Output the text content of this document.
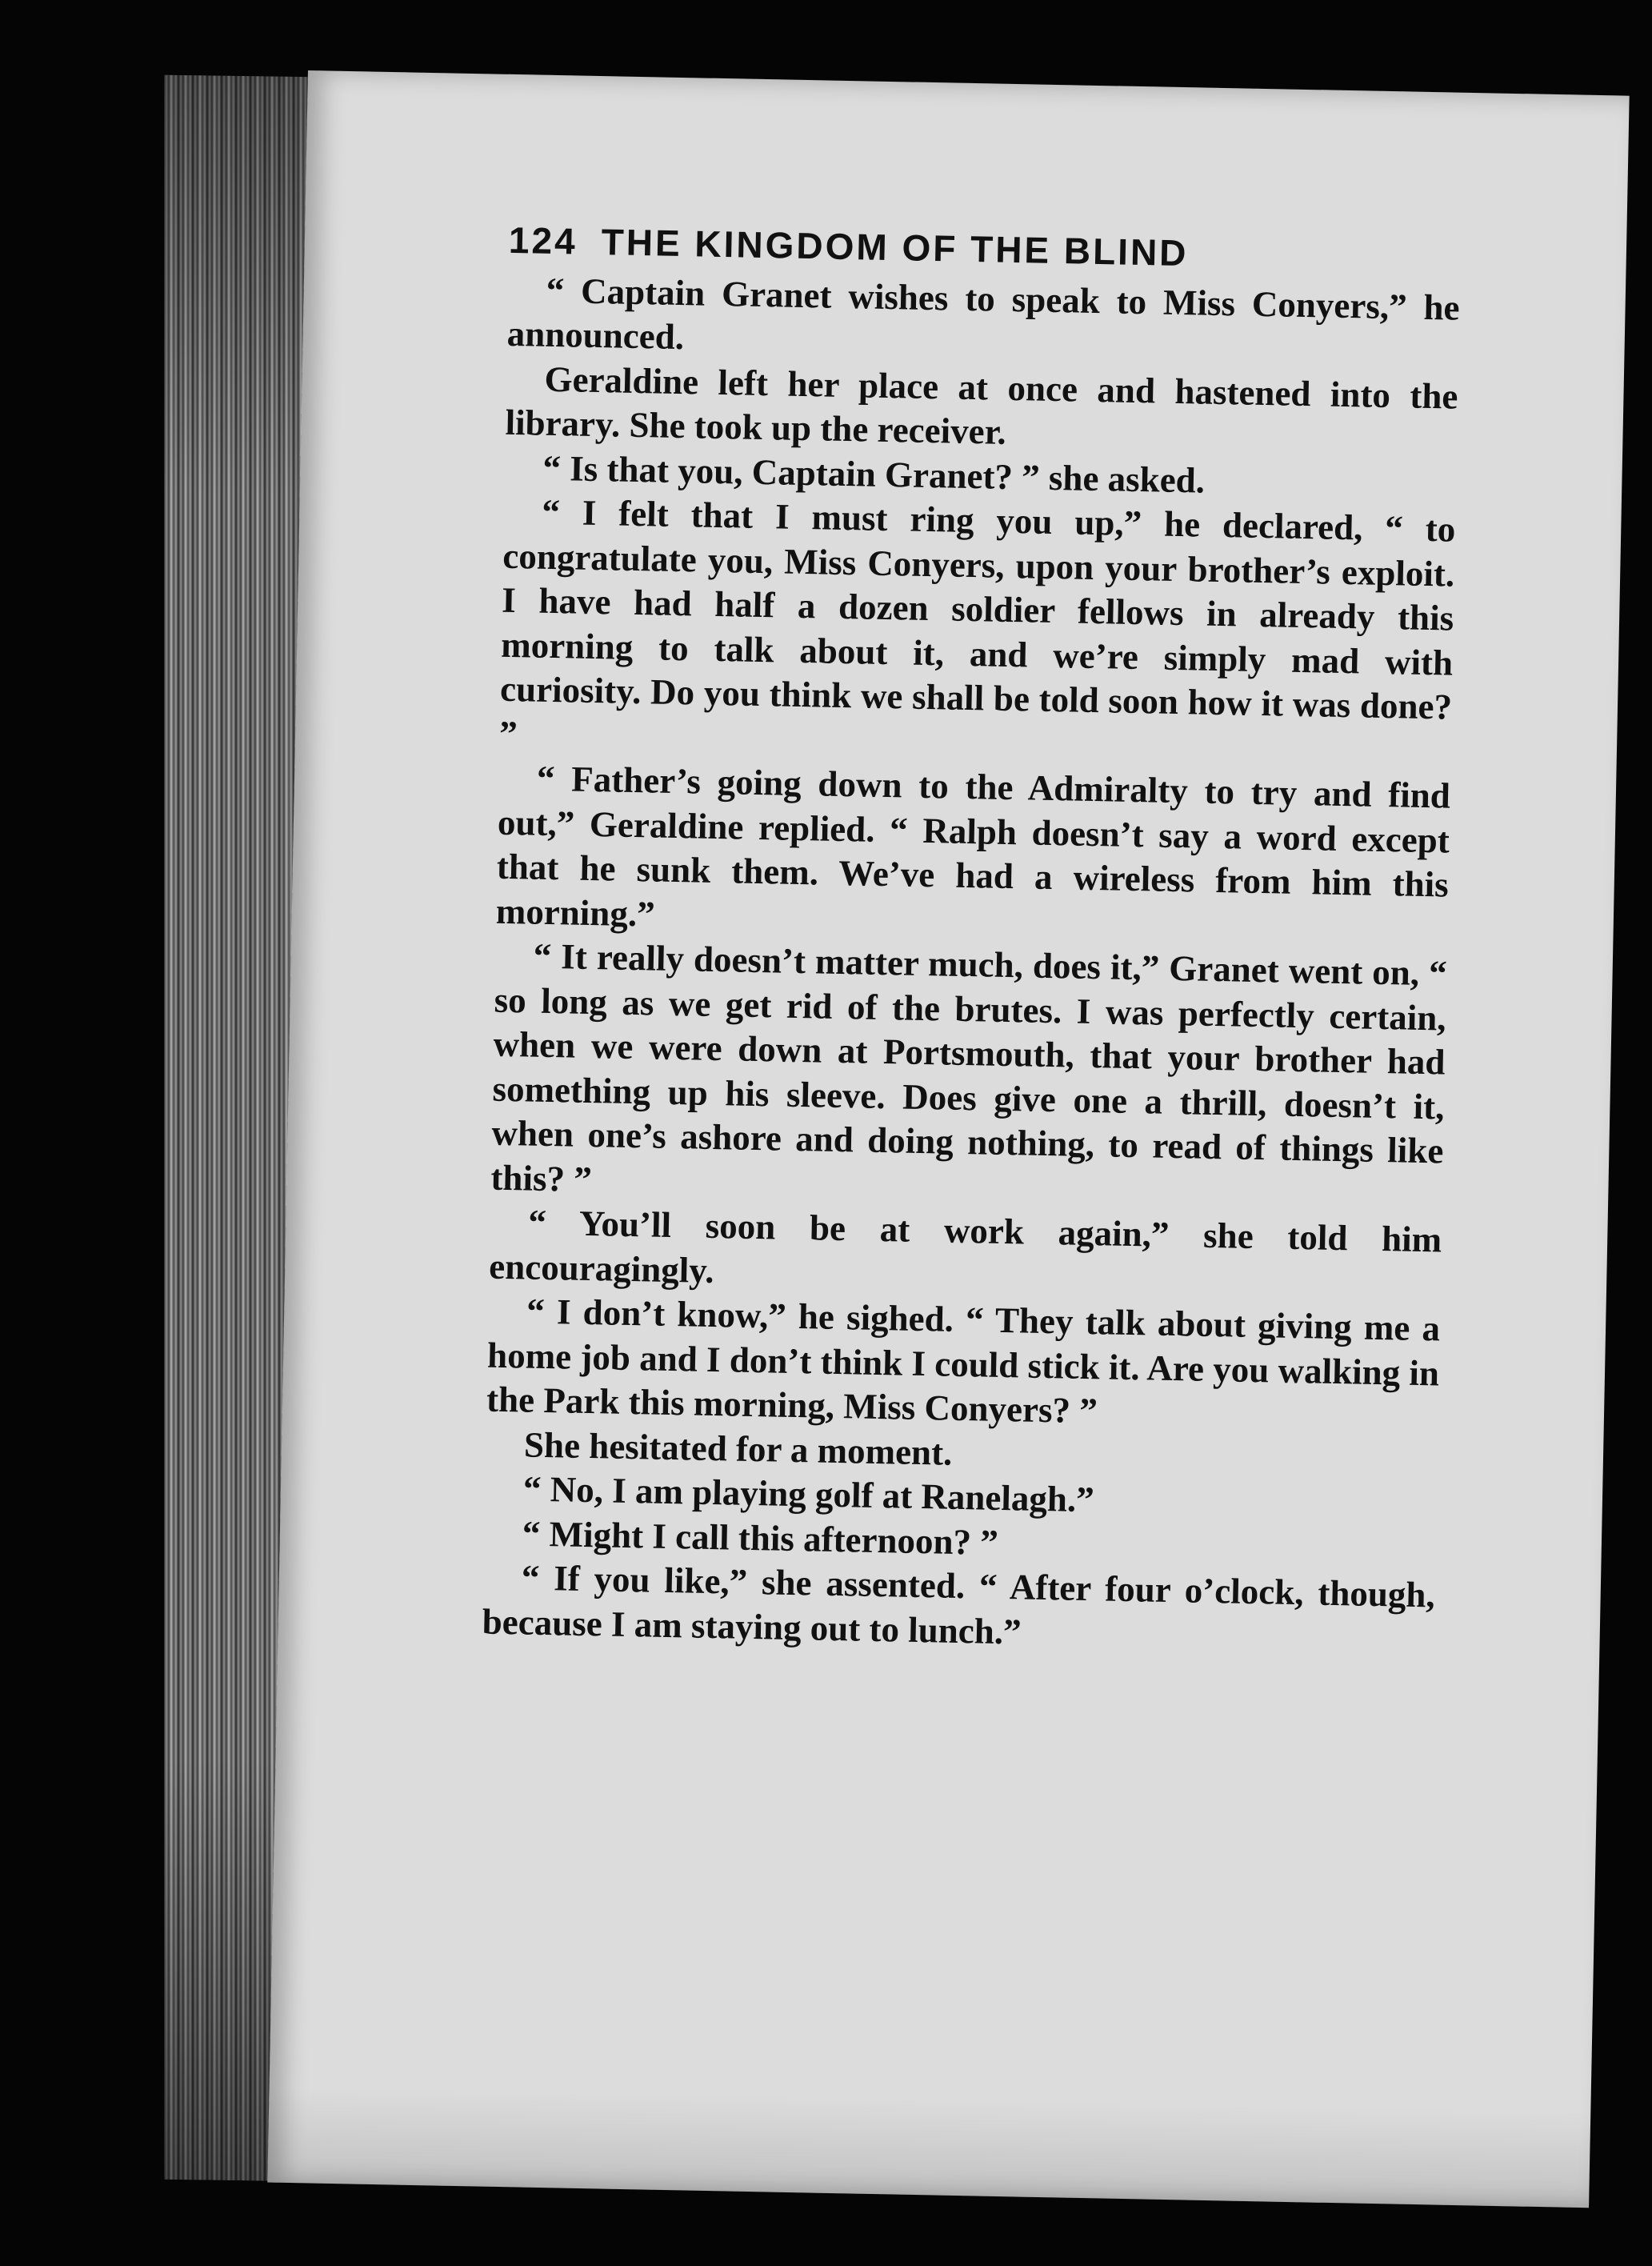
124 THE KINGDOM OF THE BLIND

“ Captain Granet wishes to speak to Miss Conyers,” he announced.

Geraldine left her place at once and hastened into the library. She took up the receiver.

“ Is that you, Captain Granet? ” she asked.

“ I felt that I must ring you up,” he declared, “ to congratulate you, Miss Conyers, upon your brother’s exploit. I have had half a dozen soldier fellows in already this morning to talk about it, and we’re simply mad with curiosity. Do you think we shall be told soon how it was done? ”

“ Father’s going down to the Admiralty to try and find out,” Geraldine replied. “ Ralph doesn’t say a word except that he sunk them. We’ve had a wireless from him this morning.”

“ It really doesn’t matter much, does it,” Granet went on, “ so long as we get rid of the brutes. I was perfectly certain, when we were down at Portsmouth, that your brother had something up his sleeve. Does give one a thrill, doesn’t it, when one’s ashore and doing nothing, to read of things like this? ”

“ You’ll soon be at work again,” she told him encouragingly.

“ I don’t know,” he sighed. “ They talk about giving me a home job and I don’t think I could stick it. Are you walking in the Park this morning, Miss Conyers? ”

She hesitated for a moment.

“ No, I am playing golf at Ranelagh.”

“ Might I call this afternoon? ”

“ If you like,” she assented. “ After four o’clock, though, because I am staying out to lunch.”
